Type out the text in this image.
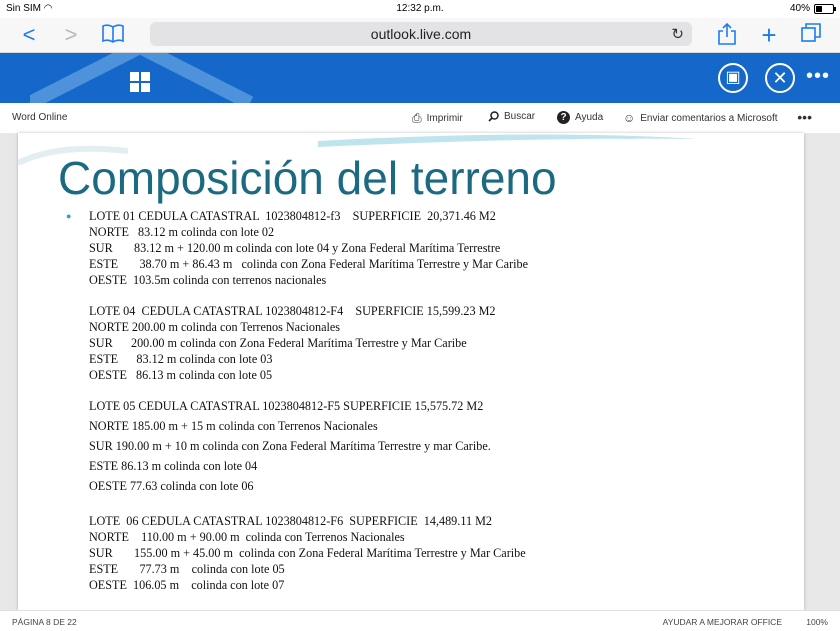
Sin SIM ◠	12:32 p.m.	40%
< >	outlook.live.com	↻	+
▣	✕ •••
Word Online	⎙ Imprimir	Buscar	? Ayuda ☺ Enviar comentarios a Microsoft •••
Composición del terreno
● LOTE 01 CEDULA CATASTRAL  1023804812-f3    SUPERFICIE  20,371.46 M2
NORTE   83.12 m colinda con lote 02
SUR       83.12 m + 120.00 m colinda con lote 04 y Zona Federal Marítima Terrestre
ESTE       38.70 m + 86.43 m   colinda con Zona Federal Marítima Terrestre y Mar Caribe
OESTE  103.5m colinda con terrenos nacionales
LOTE 04  CEDULA CATASTRAL 1023804812-F4    SUPERFICIE 15,599.23 M2
NORTE 200.00 m colinda con Terrenos Nacionales
SUR      200.00 m colinda con Zona Federal Marítima Terrestre y Mar Caribe
ESTE      83.12 m colinda con lote 03
OESTE   86.13 m colinda con lote 05
LOTE 05 CEDULA CATASTRAL 1023804812-F5 SUPERFICIE 15,575.72 M2
NORTE 185.00 m + 15 m colinda con Terrenos Nacionales
SUR 190.00 m + 10 m colinda con Zona Federal Marítima Terrestre y mar Caribe.
ESTE 86.13 m colinda con lote 04
OESTE 77.63 colinda con lote 06
LOTE  06 CEDULA CATASTRAL 1023804812-F6  SUPERFICIE  14,489.11 M2
NORTE    110.00 m + 90.00 m  colinda con Terrenos Nacionales
SUR       155.00 m + 45.00 m  colinda con Zona Federal Marítima Terrestre y Mar Caribe
ESTE       77.73 m    colinda con lote 05
OESTE  106.05 m    colinda con lote 07
PÁGINA 8 DE 22	AYUDAR A MEJORAR OFFICE	100%
